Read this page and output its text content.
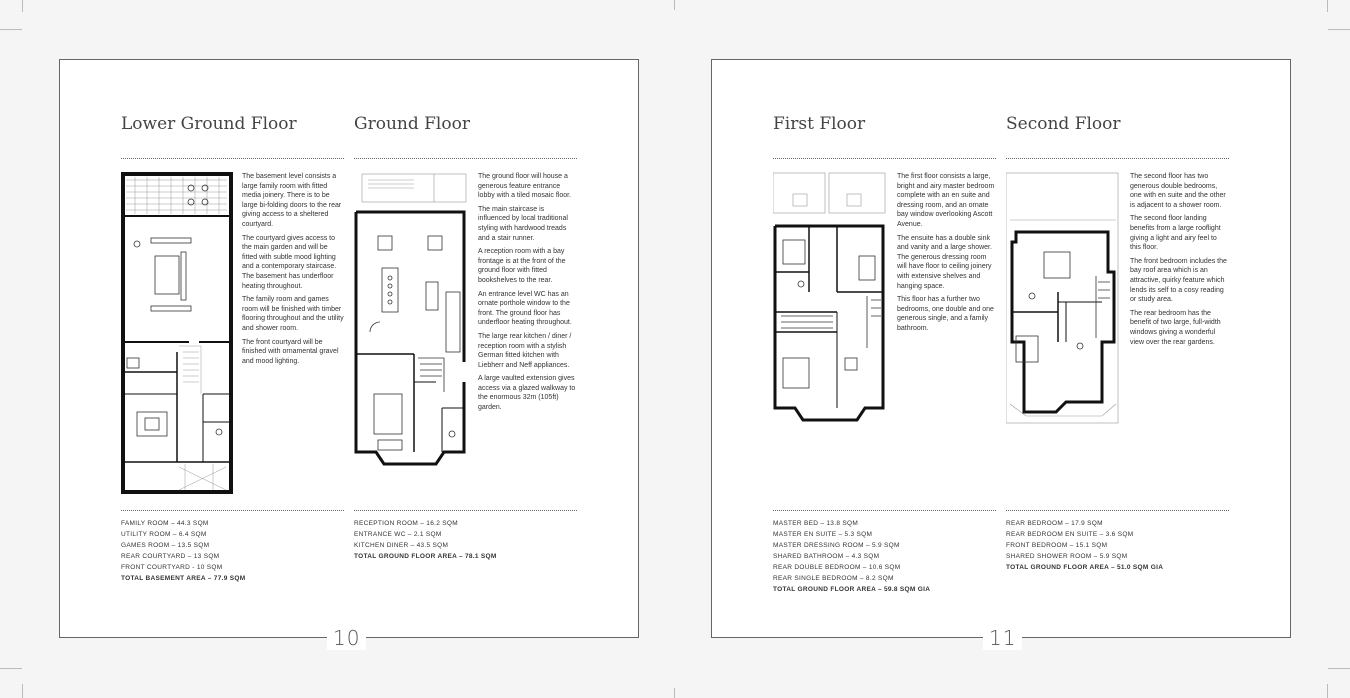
Lower Ground Floor

The basement level consists a large family room with fitted media joinery. There is to be large bi-folding doors to the rear giving access to a sheltered courtyard.

The courtyard gives access to the main garden and will be fitted with subtle mood lighting and a contemporary staircase. The basement has underfloor heating throughout.

The family room and games room will be finished with timber flooring throughout and the utility and shower room.

The front courtyard will be finished with ornamental gravel and mood lighting.

FAMILY ROOM – 44.3 SQM
UTILITY ROOM – 6.4 SQM
GAMES ROOM – 13.5 SQM
REAR COURTYARD – 13 SQM
FRONT COURTYARD - 10 SQM
TOTAL BASEMENT AREA – 77.9 SQM
Ground Floor

The ground floor will house a generous feature entrance lobby with a tiled mosaic floor.

The main staircase is influenced by local traditional styling with hardwood treads and a stair runner.

A reception room with a bay frontage is at the front of the ground floor with fitted bookshelves to the rear.

An entrance level WC has an ornate porthole window to the front. The ground floor has underfloor heating throughout.

The large rear kitchen / diner / reception room with a stylish German fitted kitchen with Liebherr and Neff appliances.

A large vaulted extension gives access via a glazed walkway to the enormous 32m (105ft) garden.

RECEPTION ROOM – 16.2 SQM
ENTRANCE WC – 2.1 SQM
KITCHEN DINER – 43.5 SQM
TOTAL GROUND FLOOR AREA – 78.1 SQM
10
First Floor

The first floor consists a large, bright and airy master bedroom complete with an en suite and dressing room, and an ornate bay window overlooking Ascott Avenue.

The ensuite has a double sink and vanity and a large shower. The generous dressing room will have floor to ceiling joinery with extensive shelves and hanging space.

This floor has a further two bedrooms, one double and one generous single, and a family bathroom.

MASTER BED – 13.8 SQM
MASTER EN SUITE – 5.3 SQM
MASTER DRESSING ROOM – 5.9 SQM
SHARED BATHROOM – 4.3 SQM
REAR DOUBLE BEDROOM – 10.6 SQM
REAR SINGLE BEDROOM – 8.2 SQM
TOTAL GROUND FLOOR AREA – 59.8 SQM GIA
Second Floor

The second floor has two generous double bedrooms, one with en suite and the other is adjacent to a shower room.

The second floor landing benefits from a large rooflight giving a light and airy feel to this floor.

The front bedroom includes the bay roof area which is an attractive, quirky feature which lends its self to a cosy reading or study area.

The rear bedroom has the benefit of two large, full-width windows giving a wonderful view over the rear gardens.

REAR BEDROOM – 17.9 SQM
REAR BEDROOM EN SUITE – 3.6 SQM
FRONT BEDROOM – 15.1 SQM
SHARED SHOWER ROOM – 5.9 SQM
TOTAL GROUND FLOOR AREA – 51.0 SQM GIA
11
